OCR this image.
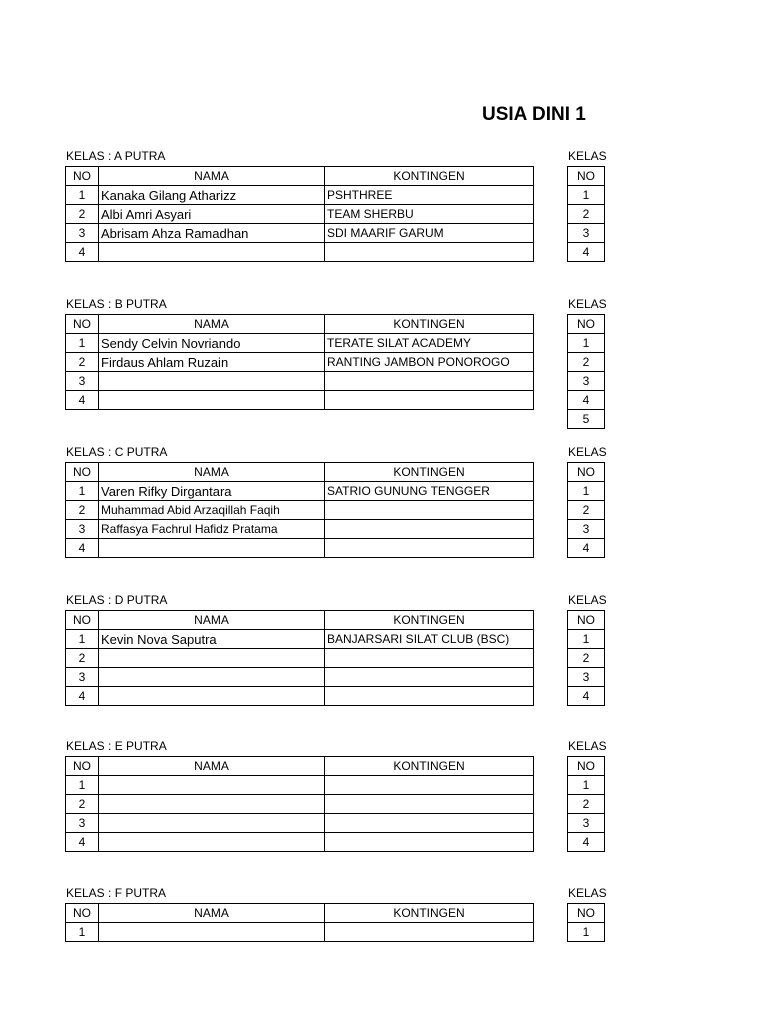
USIA DINI 1
KELAS : A PUTRA	KELAS
NO	NAMA	KONTINGEN
1	Kanaka Gilang Atharizz	PSHTHREE
2	Albi Amri Asyari	TEAM SHERBU
3	Abrisam Ahza Ramadhan	SDI MAARIF GARUM
4		
NO
1
2
3
4
KELAS : B PUTRA	KELAS
NO	NAMA	KONTINGEN
1	Sendy Celvin Novriando	TERATE SILAT ACADEMY
2	Firdaus Ahlam Ruzain	RANTING JAMBON PONOROGO
3		
4		
NO
1
2
3
4
5
KELAS : C PUTRA	KELAS
NO	NAMA	KONTINGEN
1	Varen Rifky Dirgantara	SATRIO GUNUNG TENGGER
2	Muhammad Abid Arzaqillah Faqih	
3	Raffasya Fachrul Hafidz Pratama	
4		
NO
1
2
3
4
KELAS : D PUTRA	KELAS
NO	NAMA	KONTINGEN
1	Kevin Nova Saputra	BANJARSARI SILAT CLUB (BSC)
2		
3		
4		
NO
1
2
3
4
KELAS : E PUTRA	KELAS
NO	NAMA	KONTINGEN
1		
2		
3		
4		
NO
1
2
3
4
KELAS : F PUTRA	KELAS
NO	NAMA	KONTINGEN
1		
NO
1
